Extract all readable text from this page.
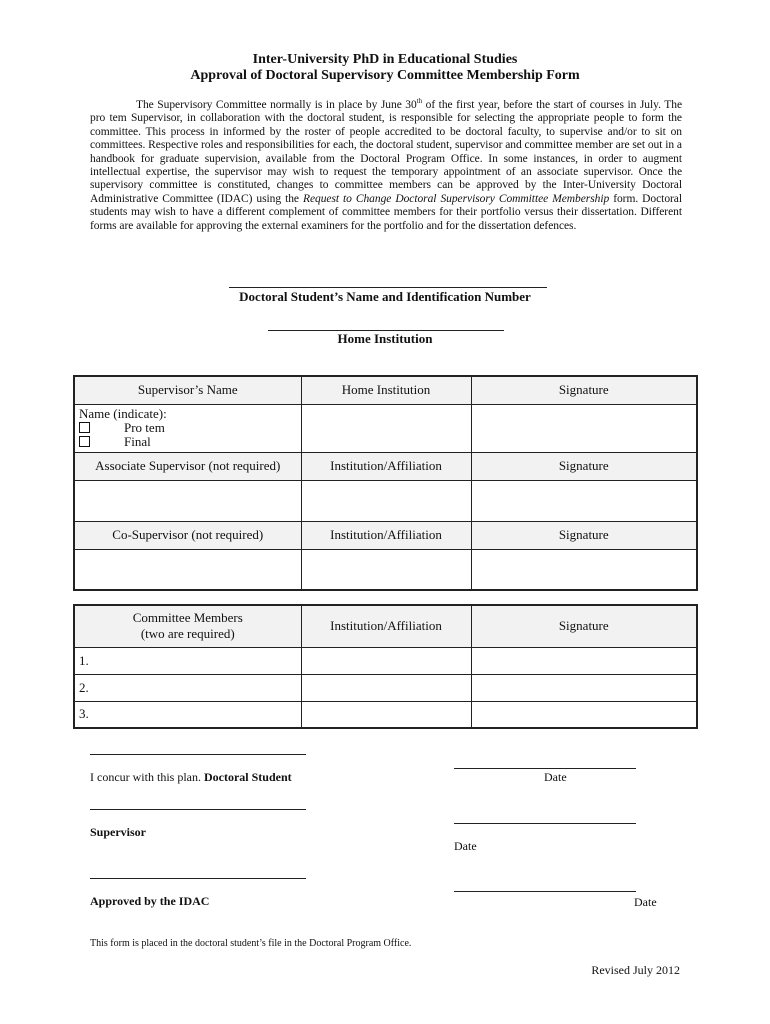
Inter-University PhD in Educational Studies
Approval of Doctoral Supervisory Committee Membership Form
The Supervisory Committee normally is in place by June 30th of the first year, before the start of courses in July. The pro tem Supervisor, in collaboration with the doctoral student, is responsible for selecting the appropriate people to form the committee. This process in informed by the roster of people accredited to be doctoral faculty, to supervise and/or to sit on committees. Respective roles and responsibilities for each, the doctoral student, supervisor and committee member are set out in a handbook for graduate supervision, available from the Doctoral Program Office. In some instances, in order to augment intellectual expertise, the supervisor may wish to request the temporary appointment of an associate supervisor. Once the supervisory committee is constituted, changes to committee members can be approved by the Inter-University Doctoral Administrative Committee (IDAC) using the Request to Change Doctoral Supervisory Committee Membership form. Doctoral students may wish to have a different complement of committee members for their portfolio versus their dissertation. Different forms are available for approving the external examiners for the portfolio and for the dissertation defences.
Doctoral Student’s Name and Identification Number
Home Institution
Supervisor’s Name	Home Institution	Signature

Name (indicate):
Pro tem
Final		

Associate Supervisor (not required)	Institution/Affiliation	Signature

Co-Supervisor (not required)	Institution/Affiliation	Signature

Committee Members
(two are required)	Institution/Affiliation	Signature
1.		
2.		
3.		
I concur with this plan. Doctoral Student	Date
Supervisor
Date
Approved by the IDAC	Date
This form is placed in the doctoral student’s file in the Doctoral Program Office.
Revised July 2012
